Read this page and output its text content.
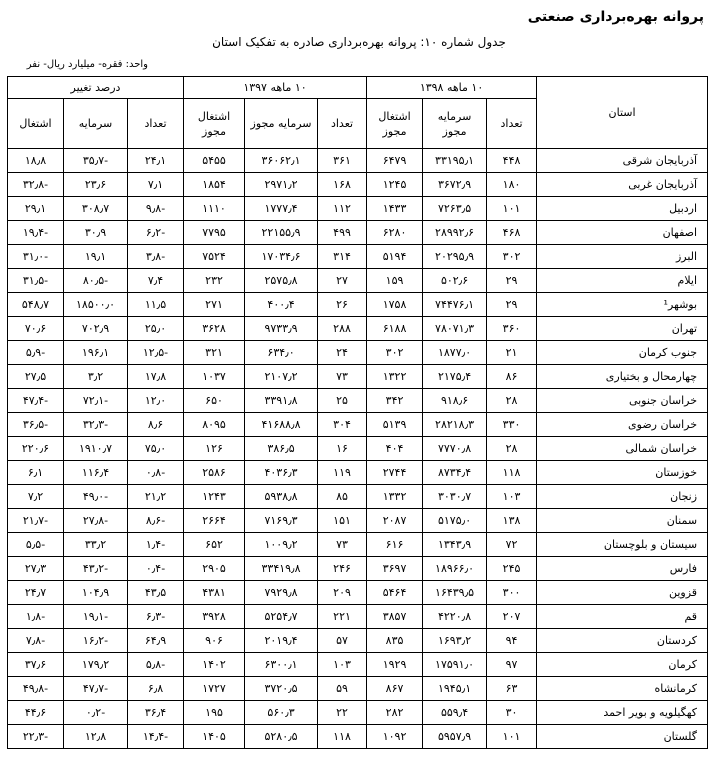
پروانه بهره‌برداری صنعتی
جدول شماره ۱۰: پروانه بهره‌برداری صادره به تفکیک استان
واحد: فقره- میلیارد ریال- نفر
استان	۱۰ ماهه ۱۳۹۸			۱۰ ماهه ۱۳۹۷			درصد تغییر		
	تعداد	سرمایه مجوز	اشتغال مجوز	تعداد	سرمایه مجوز	اشتغال مجوز	تعداد	سرمایه	اشتغال
آذربایجان شرقی	۴۴۸	۳۳۱۹۵٫۱	۶۴۷۹	۳۶۱	۳۶۰۶۲٫۱	۵۴۵۵	۲۴٫۱	-۳۵٫۷	۱۸٫۸
آذربایجان غربی	۱۸۰	۳۶۷۲٫۹	۱۲۴۵	۱۶۸	۲۹۷۱٫۲	۱۸۵۴	۷٫۱	۲۳٫۶	-۳۲٫۸
اردبیل	۱۰۱	۷۲۶۳٫۵	۱۴۳۳	۱۱۲	۱۷۷۷٫۴	۱۱۱۰	-۹٫۸	۳۰۸٫۷	۲۹٫۱
اصفهان	۴۶۸	۲۸۹۹۲٫۶	۶۲۸۰	۴۹۹	۲۲۱۵۵٫۹	۷۷۹۵	-۶٫۲	۳۰٫۹	-۱۹٫۴
البرز	۳۰۲	۲۰۲۹۵٫۹	۵۱۹۴	۳۱۴	۱۷۰۳۴٫۶	۷۵۲۴	-۳٫۸	۱۹٫۱	-۳۱٫۰
ایلام	۲۹	۵۰۲٫۶	۱۵۹	۲۷	۲۵۷۵٫۸	۲۳۲	۷٫۴	-۸۰٫۵	-۳۱٫۵
بوشهر¹	۲۹	۷۴۴۷۶٫۱	۱۷۵۸	۲۶	۴۰۰٫۴	۲۷۱	۱۱٫۵	۱۸۵۰۰٫۰	۵۴۸٫۷
تهران	۳۶۰	۷۸۰۷۱٫۳	۶۱۸۸	۲۸۸	۹۷۳۳٫۹	۳۶۲۸	۲۵٫۰	۷۰۲٫۹	۷۰٫۶
جنوب کرمان	۲۱	۱۸۷۷٫۰	۳۰۲	۲۴	۶۳۴٫۰	۳۲۱	-۱۲٫۵	۱۹۶٫۱	-۵٫۹
چهارمحال و بختیاری	۸۶	۲۱۷۵٫۴	۱۳۲۲	۷۳	۲۱۰۷٫۲	۱۰۳۷	۱۷٫۸	۳٫۲	۲۷٫۵
خراسان جنوبی	۲۸	۹۱۸٫۶	۳۴۲	۲۵	۳۳۹۱٫۸	۶۵۰	۱۲٫۰	-۷۲٫۱	-۴۷٫۴
خراسان رضوی	۳۳۰	۲۸۲۱۸٫۳	۵۱۳۹	۳۰۴	۴۱۶۸۸٫۸	۸۰۹۵	۸٫۶	-۳۲٫۳	-۳۶٫۵
خراسان شمالی	۲۸	۷۷۷۰٫۸	۴۰۴	۱۶	۳۸۶٫۵	۱۲۶	۷۵٫۰	۱۹۱۰٫۷	۲۲۰٫۶
خوزستان	۱۱۸	۸۷۳۴٫۴	۲۷۴۴	۱۱۹	۴۰۳۶٫۳	۲۵۸۶	-۰٫۸	۱۱۶٫۴	۶٫۱
زنجان	۱۰۳	۳۰۳۰٫۷	۱۳۳۲	۸۵	۵۹۳۸٫۸	۱۲۴۳	۲۱٫۲	-۴۹٫۰	۷٫۲
سمنان	۱۳۸	۵۱۷۵٫۰	۲۰۸۷	۱۵۱	۷۱۶۹٫۳	۲۶۶۴	-۸٫۶	-۲۷٫۸	-۲۱٫۷
سیستان و بلوچستان	۷۲	۱۳۴۳٫۹	۶۱۶	۷۳	۱۰۰۹٫۲	۶۵۲	-۱٫۴	۳۳٫۲	-۵٫۵
فارس	۲۴۵	۱۸۹۶۶٫۰	۳۶۹۷	۲۴۶	۳۳۴۱۹٫۸	۲۹۰۵	-۰٫۴	-۴۳٫۲	۲۷٫۳
قزوین	۳۰۰	۱۶۴۳۹٫۵	۵۴۶۴	۲۰۹	۷۹۲۹٫۸	۴۳۸۱	۴۳٫۵	۱۰۴٫۹	۲۴٫۷
قم	۲۰۷	۴۲۲۰٫۸	۳۸۵۷	۲۲۱	۵۲۵۴٫۷	۳۹۲۸	-۶٫۳	-۱۹٫۱	-۱٫۸
کردستان	۹۴	۱۶۹۳٫۲	۸۳۵	۵۷	۲۰۱۹٫۴	۹۰۶	۶۴٫۹	-۱۶٫۲	-۷٫۸
کرمان	۹۷	۱۷۵۹۱٫۰	۱۹۲۹	۱۰۳	۶۳۰۰٫۱	۱۴۰۲	-۵٫۸	۱۷۹٫۲	۳۷٫۶
کرمانشاه	۶۳	۱۹۴۵٫۱	۸۶۷	۵۹	۳۷۲۰٫۵	۱۷۲۷	۶٫۸	-۴۷٫۷	-۴۹٫۸
کهگیلویه و بویر احمد	۳۰	۵۵۹٫۴	۲۸۲	۲۲	۵۶۰٫۳	۱۹۵	۳۶٫۴	-۰٫۲	۴۴٫۶
گلستان	۱۰۱	۵۹۵۷٫۹	۱۰۹۲	۱۱۸	۵۲۸۰٫۵	۱۴۰۵	-۱۴٫۴	۱۲٫۸	-۲۲٫۳
